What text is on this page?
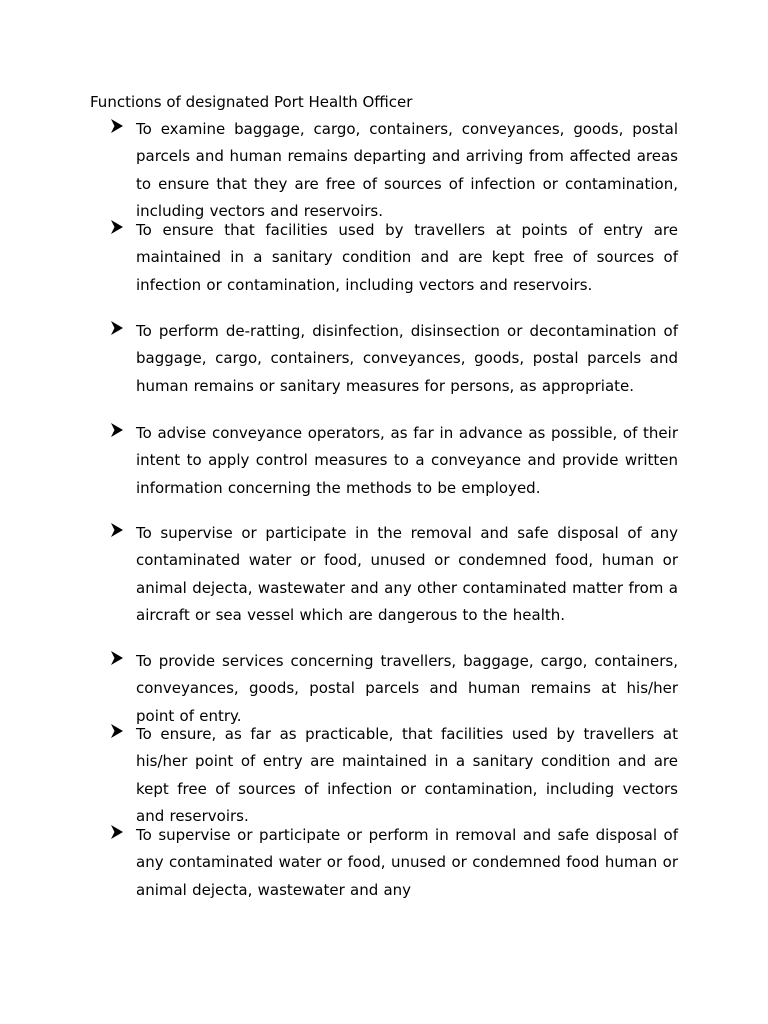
Functions of designated Port Health Officer
To examine baggage, cargo, containers, conveyances, goods, postal parcels and human remains departing and arriving from affected areas to ensure that they are free of sources of infection or contamination, including vectors and reservoirs.
To ensure that facilities used by travellers at points of entry are maintained in a sanitary condition and are kept free of sources of infection or contamination, including vectors and reservoirs.
To perform de-ratting, disinfection, disinsection or decontamination of baggage, cargo, containers, conveyances, goods, postal parcels and human remains or sanitary measures for persons, as appropriate.
To advise conveyance operators, as far in advance as possible, of their intent to apply control measures to a conveyance and provide written information concerning the methods to be employed.
To supervise or participate in the removal and safe disposal of any contaminated water or food, unused or condemned food, human or animal dejecta, wastewater and any other contaminated matter from a aircraft or sea vessel which are dangerous to the health.
To provide services concerning travellers, baggage, cargo, containers, conveyances, goods, postal parcels and human remains at his/her point of entry.
To ensure, as far as practicable, that facilities used by travellers at his/her point of entry are maintained in a sanitary condition and are kept free of sources of infection or contamination, including vectors and reservoirs.
To supervise or participate or perform in removal and safe disposal of any contaminated water or food, unused or condemned food human or animal dejecta, wastewater and any
